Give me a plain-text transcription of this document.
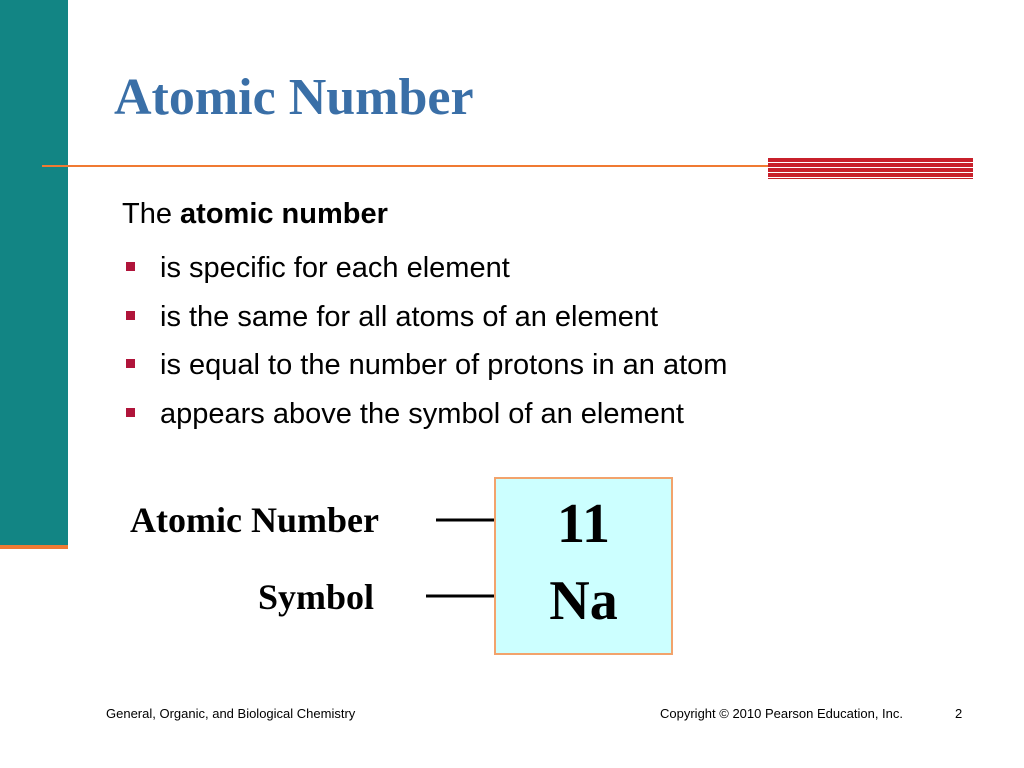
Atomic Number
The atomic number
is specific for each element
is the same for all atoms of an element
is equal to the number of protons in an atom
appears above the symbol of an element
Atomic Number
Symbol
11
Na
General, Organic, and Biological Chemistry	Copyright © 2010 Pearson Education, Inc.	2
